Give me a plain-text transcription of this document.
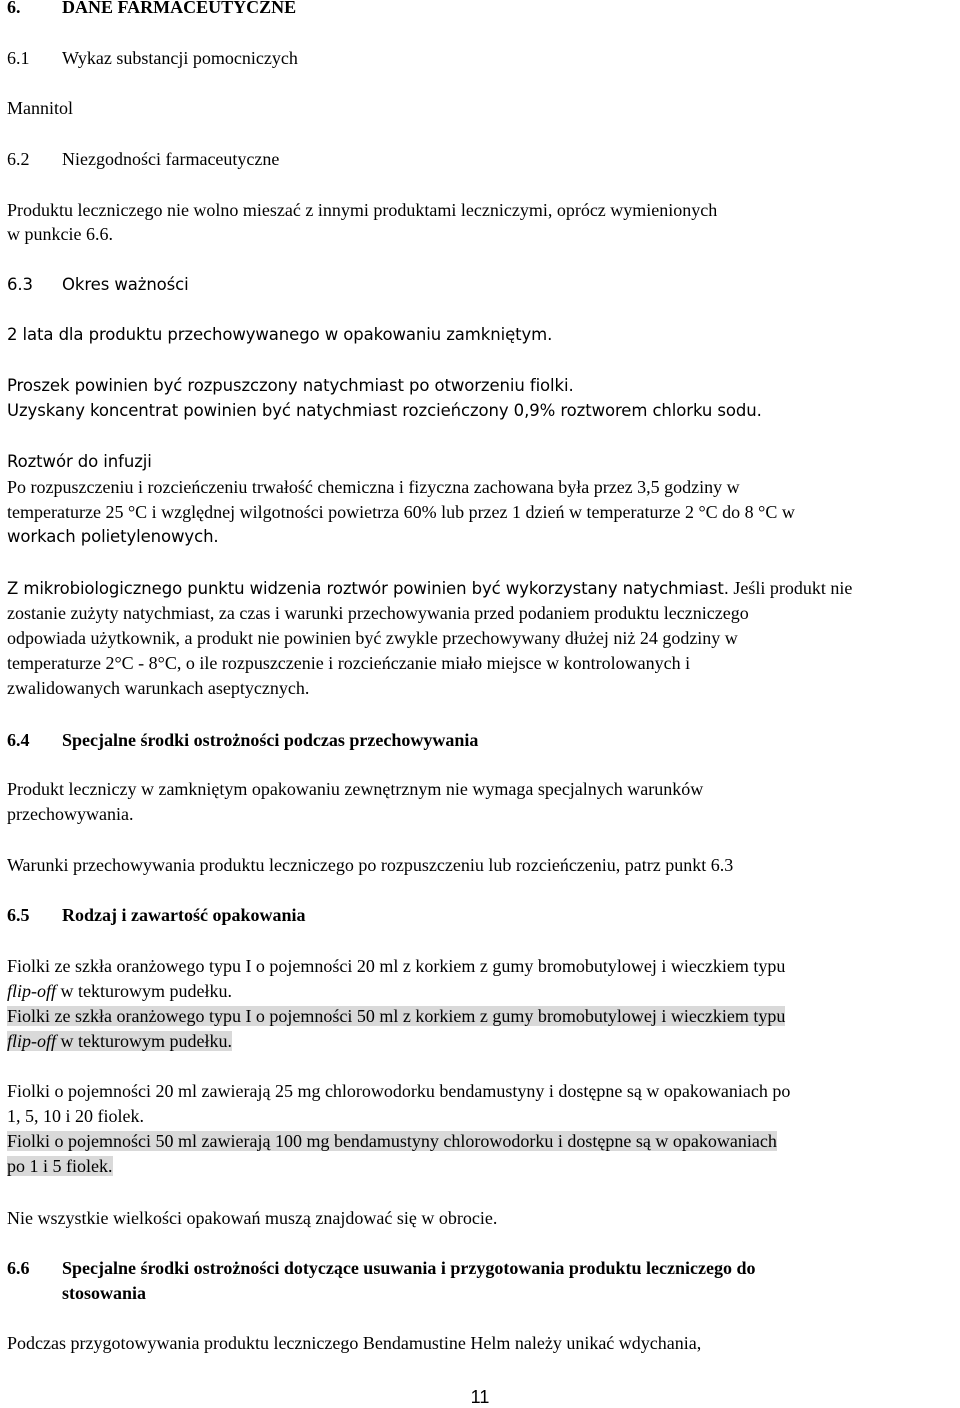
6. DANE FARMACEUTYCZNE
6.1 Wykaz substancji pomocniczych
Mannitol
6.2 Niezgodności farmaceutyczne
Produktu leczniczego nie wolno mieszać z innymi produktami leczniczymi, oprócz wymienionych
w punkcie 6.6.
6.3 Okres ważności
2 lata dla produktu przechowywanego w opakowaniu zamkniętym.
Proszek powinien być rozpuszczony natychmiast po otworzeniu fiolki.
Uzyskany koncentrat powinien być natychmiast rozcieńczony 0,9% roztworem chlorku sodu.
Roztwór do infuzji
Po rozpuszczeniu i rozcieńczeniu trwałość chemiczna i fizyczna zachowana była przez 3,5 godziny w
temperaturze 25 °C i względnej wilgotności powietrza 60% lub przez 1 dzień w temperaturze 2 °C do 8 °C w
workach polietylenowych.
Z mikrobiologicznego punktu widzenia roztwór powinien być wykorzystany natychmiast. Jeśli produkt nie
zostanie zużyty natychmiast, za czas i warunki przechowywania przed podaniem produktu leczniczego
odpowiada użytkownik, a produkt nie powinien być zwykle przechowywany dłużej niż 24 godziny w
temperaturze 2°C - 8°C, o ile rozpuszczenie i rozcieńczanie miało miejsce w kontrolowanych i
zwalidowanych warunkach aseptycznych.
6.4 Specjalne środki ostrożności podczas przechowywania
Produkt leczniczy w zamkniętym opakowaniu zewnętrznym nie wymaga specjalnych warunków
przechowywania.
Warunki przechowywania produktu leczniczego po rozpuszczeniu lub rozcieńczeniu, patrz punkt 6.3
6.5 Rodzaj i zawartość opakowania
Fiolki ze szkła oranżowego typu I o pojemności 20 ml z korkiem z gumy bromobutylowej i wieczkiem typu
flip-off w tekturowym pudełku.
Fiolki ze szkła oranżowego typu I o pojemności 50 ml z korkiem z gumy bromobutylowej i wieczkiem typu
flip-off w tekturowym pudełku.
Fiolki o pojemności 20 ml zawierają 25 mg chlorowodorku bendamustyny i dostępne są w opakowaniach po
1, 5, 10 i 20 fiolek.
Fiolki o pojemności 50 ml zawierają 100 mg bendamustyny chlorowodorku i dostępne są w opakowaniach
po 1 i 5 fiolek.
Nie wszystkie wielkości opakowań muszą znajdować się w obrocie.
6.6 Specjalne środki ostrożności dotyczące usuwania i przygotowania produktu leczniczego do
stosowania
Podczas przygotowywania produktu leczniczego Bendamustine Helm należy unikać wdychania,
11
